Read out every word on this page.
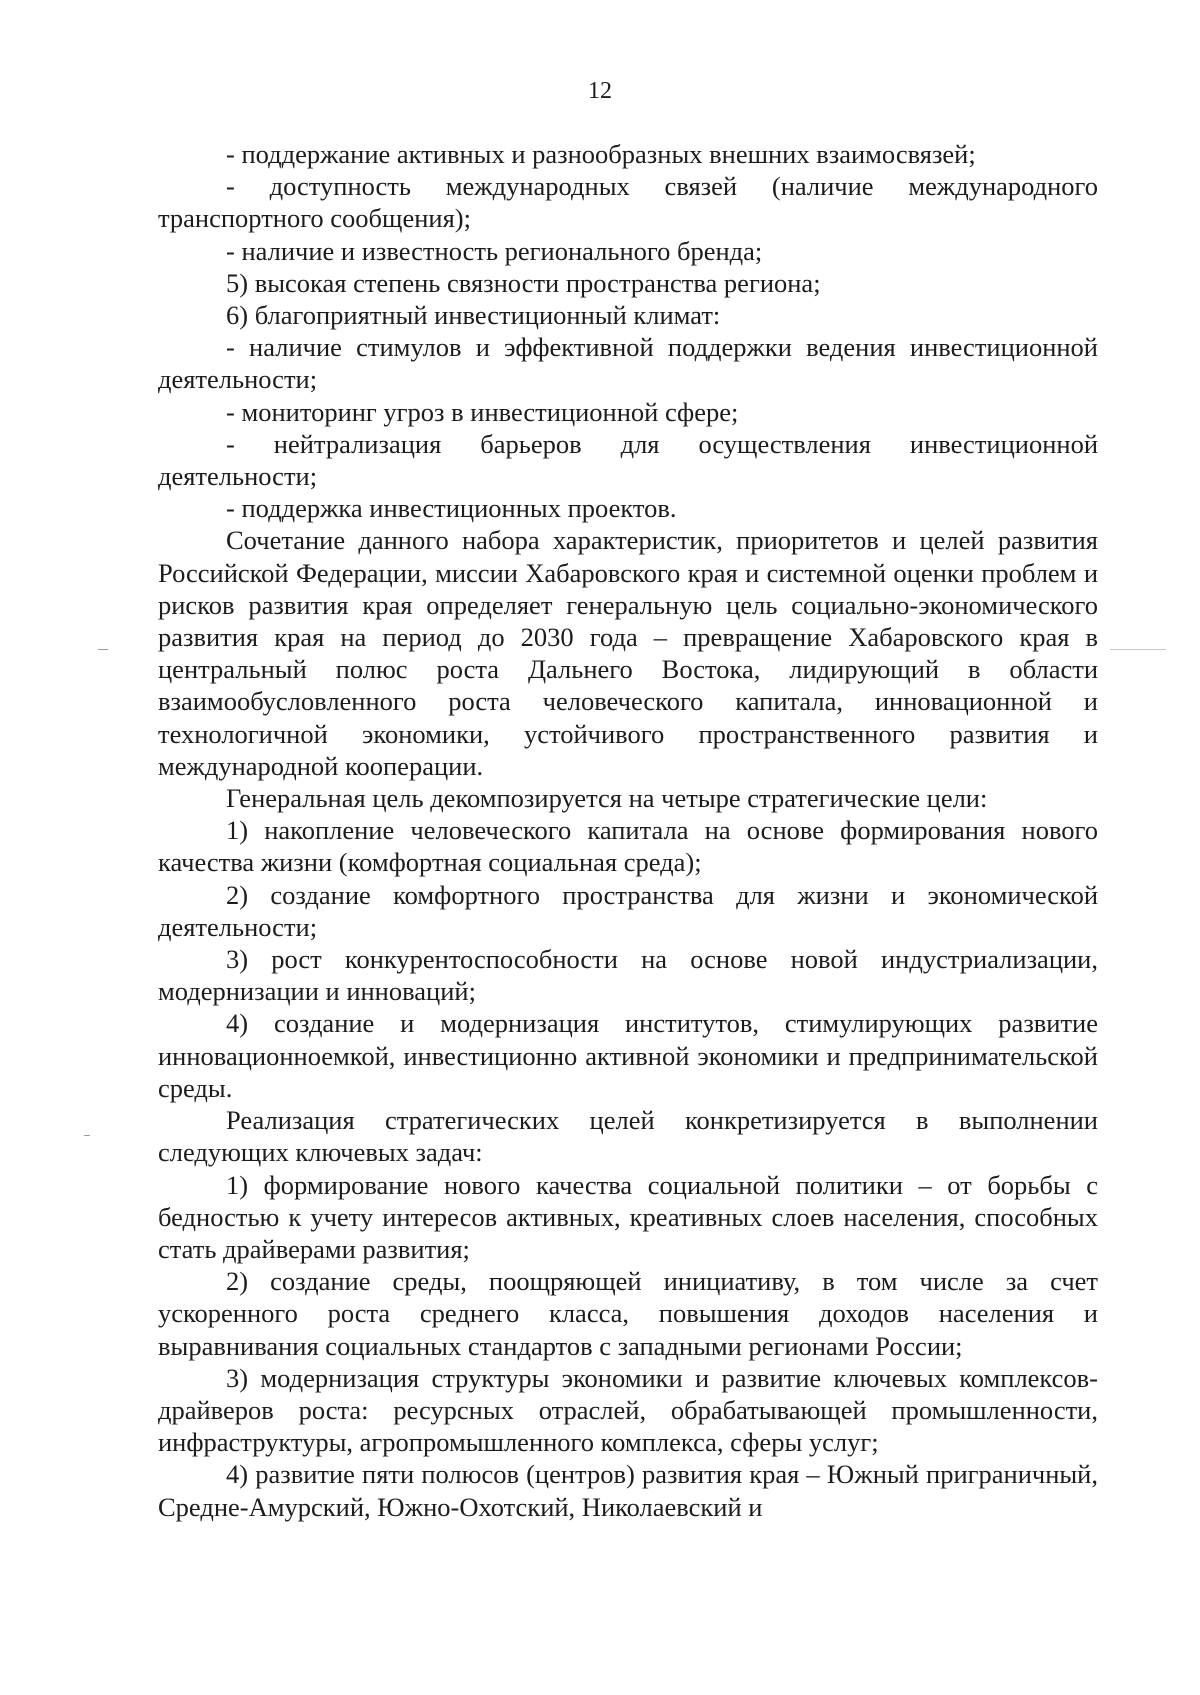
12

- поддержание активных и разнообразных внешних взаимосвязей;

- доступность международных связей (наличие международного транспортного сообщения);

- наличие и известность регионального бренда;

5) высокая степень связности пространства региона;

6) благоприятный инвестиционный климат:

- наличие стимулов и эффективной поддержки ведения инвестиционной деятельности;

- мониторинг угроз в инвестиционной сфере;

- нейтрализация барьеров для осуществления инвестиционной деятельности;

- поддержка инвестиционных проектов.

Сочетание данного набора характеристик, приоритетов и целей развития Российской Федерации, миссии Хабаровского края и системной оценки проблем и рисков развития края определяет генеральную цель социально-экономического развития края на период до 2030 года – превращение Хабаровского края в центральный полюс роста Дальнего Востока, лидирующий в области взаимообусловленного роста человеческого капитала, инновационной и технологичной экономики, устойчивого пространственного развития и международной кооперации.

Генеральная цель декомпозируется на четыре стратегические цели:

1) накопление человеческого капитала на основе формирования нового качества жизни (комфортная социальная среда);

2) создание комфортного пространства для жизни и экономической деятельности;

3) рост конкурентоспособности на основе новой индустриализации, модернизации и инноваций;

4) создание и модернизация институтов, стимулирующих развитие инновационноемкой, инвестиционно активной экономики и предпринимательской среды.

Реализация стратегических целей конкретизируется в выполнении следующих ключевых задач:

1) формирование нового качества социальной политики – от борьбы с бедностью к учету интересов активных, креативных слоев населения, способных стать драйверами развития;

2) создание среды, поощряющей инициативу, в том числе за счет ускоренного роста среднего класса, повышения доходов населения и выравнивания социальных стандартов с западными регионами России;

3) модернизация структуры экономики и развитие ключевых комплексов-драйверов роста: ресурсных отраслей, обрабатывающей промышленности, инфраструктуры, агропромышленного комплекса, сферы услуг;

4) развитие пяти полюсов (центров) развития края – Южный приграничный, Средне-Амурский, Южно-Охотский, Николаевский и
